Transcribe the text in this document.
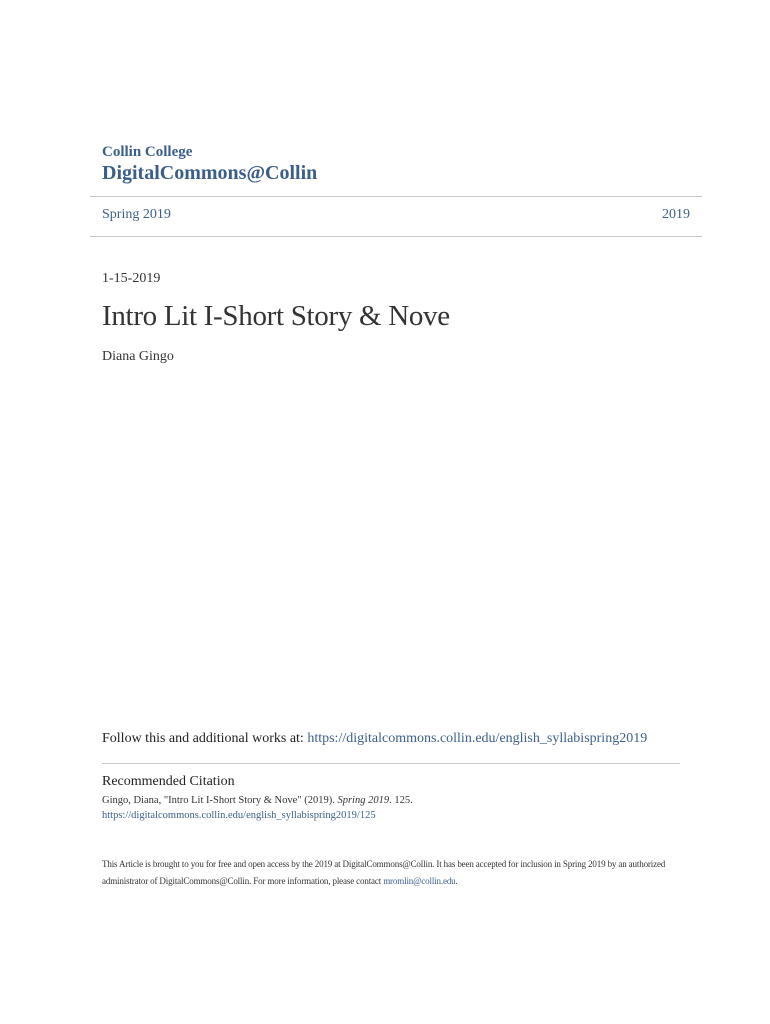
Collin College
DigitalCommons@Collin
Spring 2019	2019
1-15-2019
Intro Lit I-Short Story & Nove
Diana Gingo
Follow this and additional works at: https://digitalcommons.collin.edu/english_syllabispring2019
Recommended Citation
Gingo, Diana, "Intro Lit I-Short Story & Nove" (2019). Spring 2019. 125.
https://digitalcommons.collin.edu/english_syllabispring2019/125
This Article is brought to you for free and open access by the 2019 at DigitalCommons@Collin. It has been accepted for inclusion in Spring 2019 by an authorized administrator of DigitalCommons@Collin. For more information, please contact mromlin@collin.edu.
